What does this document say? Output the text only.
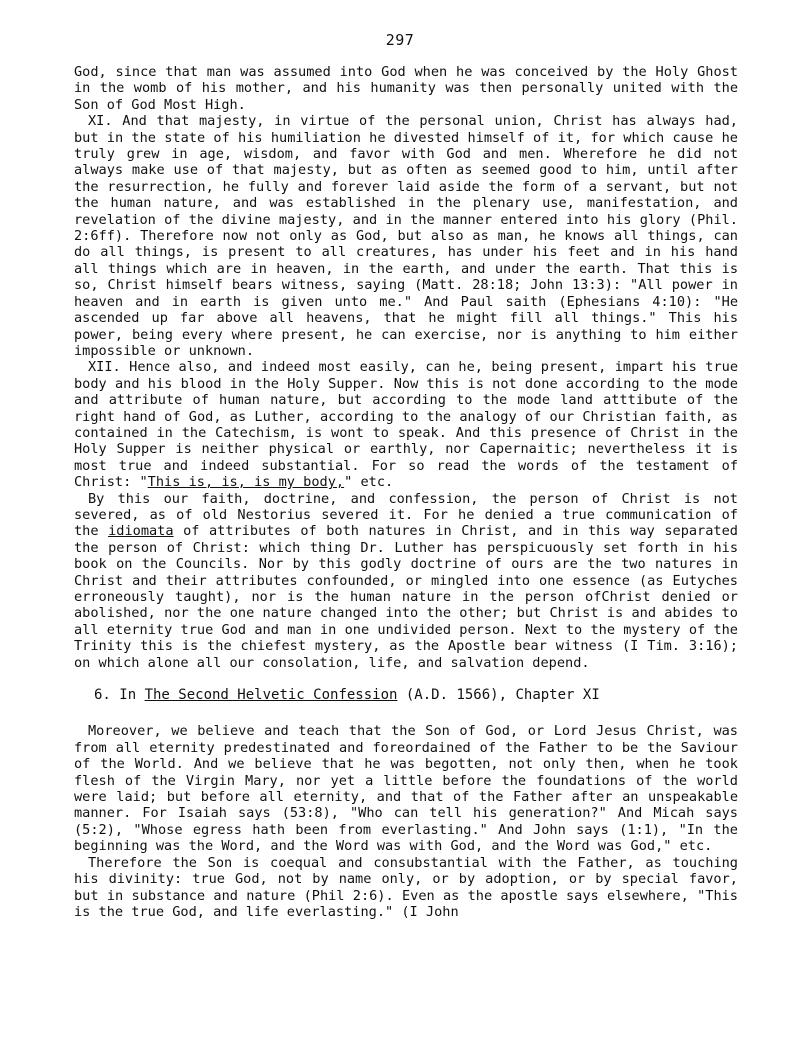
297

God, since that man was assumed into God when he was conceived by the Holy Ghost in the womb of his mother, and his humanity was then personally united with the Son of God Most High.

XI. And that majesty, in virtue of the personal union, Christ has always had, but in the state of his humiliation he divested himself of it, for which cause he truly grew in age, wisdom, and favor with God and men. Wherefore he did not always make use of that majesty, but as often as seemed good to him, until after the resurrection, he fully and forever laid aside the form of a servant, but not the human nature, and was established in the plenary use, manifestation, and revelation of the divine majesty, and in the manner entered into his glory (Phil. 2:6ff). Therefore now not only as God, but also as man, he knows all things, can do all things, is present to all creatures, has under his feet and in his hand all things which are in heaven, in the earth, and under the earth. That this is so, Christ himself bears witness, saying (Matt. 28:18; John 13:3): "All power in heaven and in earth is given unto me." And Paul saith (Ephesians 4:10): "He ascended up far above all heavens, that he might fill all things." This his power, being every where present, he can exercise, nor is anything to him either impossible or unknown.

XII. Hence also, and indeed most easily, can he, being present, impart his true body and his blood in the Holy Supper. Now this is not done according to the mode and attribute of human nature, but according to the mode land atttibute of the right hand of God, as Luther, according to the analogy of our Christian faith, as contained in the Catechism, is wont to speak. And this presence of Christ in the Holy Supper is neither physical or earthly, nor Capernaitic; nevertheless it is most true and indeed substantial. For so read the words of the testament of Christ: "This is, is, is my body," etc.

By this our faith, doctrine, and confession, the person of Christ is not severed, as of old Nestorius severed it. For he denied a true communication of the idiomata of attributes of both natures in Christ, and in this way separated the person of Christ: which thing Dr. Luther has perspicuously set forth in his book on the Councils. Nor by this godly doctrine of ours are the two natures in Christ and their attributes confounded, or mingled into one essence (as Eutyches erroneously taught), nor is the human nature in the person ofChrist denied or abolished, nor the one nature changed into the other; but Christ is and abides to all eternity true God and man in one undivided person. Next to the mystery of the Trinity this is the chiefest mystery, as the Apostle bear witness (I Tim. 3:16); on which alone all our consolation, life, and salvation depend.

6. In The Second Helvetic Confession (A.D. 1566), Chapter XI

Moreover, we believe and teach that the Son of God, or Lord Jesus Christ, was from all eternity predestinated and foreordained of the Father to be the Saviour of the World. And we believe that he was begotten, not only then, when he took flesh of the Virgin Mary, nor yet a little before the foundations of the world were laid; but before all eternity, and that of the Father after an unspeakable manner. For Isaiah says (53:8), "Who can tell his generation?" And Micah says (5:2), "Whose egress hath been from everlasting." And John says (1:1), "In the beginning was the Word, and the Word was with God, and the Word was God," etc.

Therefore the Son is coequal and consubstantial with the Father, as touching his divinity: true God, not by name only, or by adoption, or by special favor, but in substance and nature (Phil 2:6). Even as the apostle says elsewhere, "This is the true God, and life everlasting." (I John
